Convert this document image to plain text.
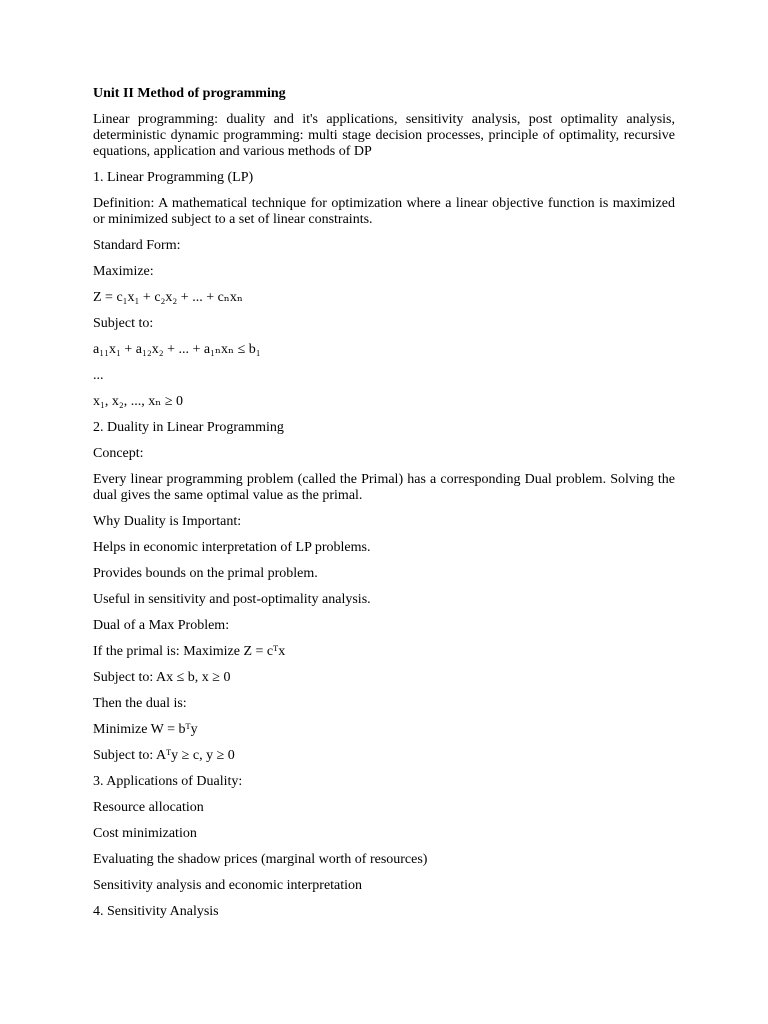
Unit II Method of programming

Linear programming: duality and it's applications, sensitivity analysis, post optimality analysis, deterministic dynamic programming: multi stage decision processes, principle of optimality, recursive equations, application and various methods of DP

1. Linear Programming (LP)

Definition: A mathematical technique for optimization where a linear objective function is maximized or minimized subject to a set of linear constraints.

Standard Form:

Maximize:

Z = c₁x₁ + c₂x₂ + ... + cₙxₙ

Subject to:

a₁₁x₁ + a₁₂x₂ + ... + a₁ₙxₙ ≤ b₁

...

x₁, x₂, ..., xₙ ≥ 0

2. Duality in Linear Programming

Concept:

Every linear programming problem (called the Primal) has a corresponding Dual problem. Solving the dual gives the same optimal value as the primal.

Why Duality is Important:

Helps in economic interpretation of LP problems.

Provides bounds on the primal problem.

Useful in sensitivity and post-optimality analysis.

Dual of a Max Problem:

If the primal is: Maximize Z = cᵀx

Subject to: Ax ≤ b, x ≥ 0

Then the dual is:

Minimize W = bᵀy

Subject to: Aᵀy ≥ c, y ≥ 0

3. Applications of Duality:

Resource allocation

Cost minimization

Evaluating the shadow prices (marginal worth of resources)

Sensitivity analysis and economic interpretation

4. Sensitivity Analysis
